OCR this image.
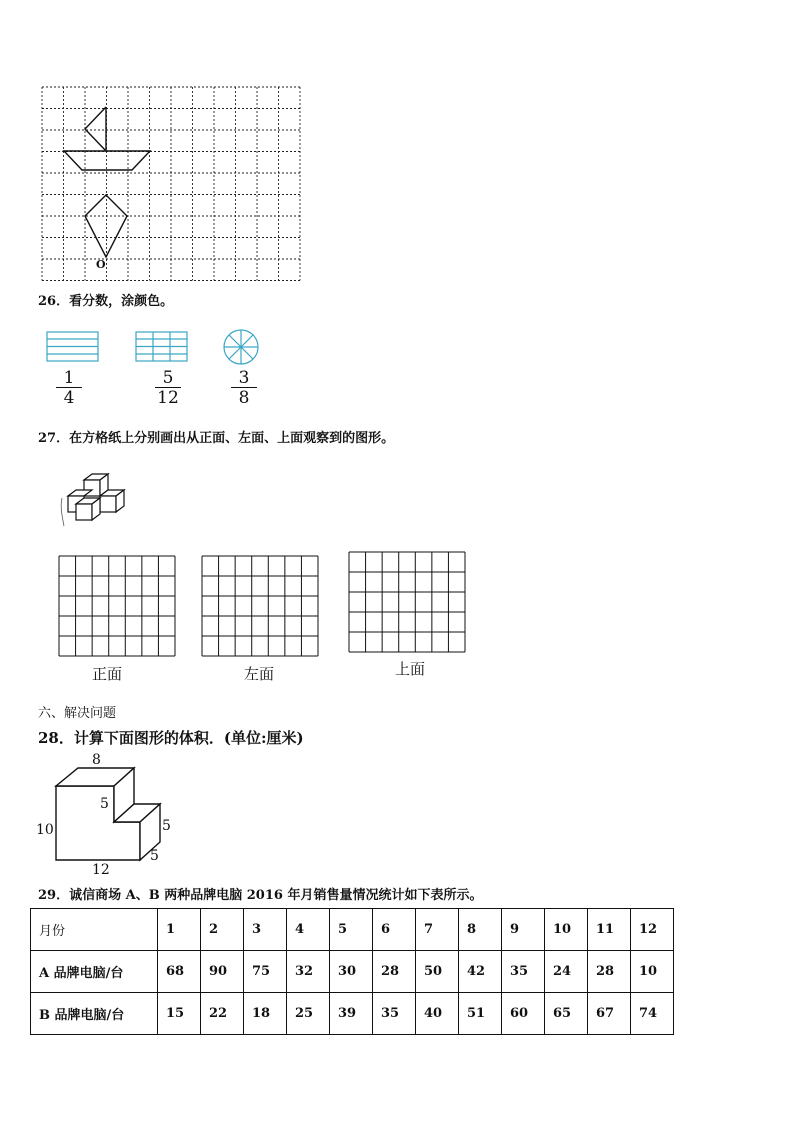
O
26．看分数，涂颜色。
1
4
5
12
3
8
27．在方格纸上分别画出从正面、左面、上面观察到的图形。
正面	左面	上面
六、解决问题
28．计算下面图形的体积．(单位:厘米)
8
5
10	5
5
12
29．诚信商场 A、B 两种品牌电脑 2016 年月销售量情况统计如下表所示。
月份	1	2	3	4	5	6	7	8	9	10	11	12
A 品牌电脑/台	68	90	75	32	30	28	50	42	35	24	28	10
B 品牌电脑/台	15	22	18	25	39	35	40	51	60	65	67	74
